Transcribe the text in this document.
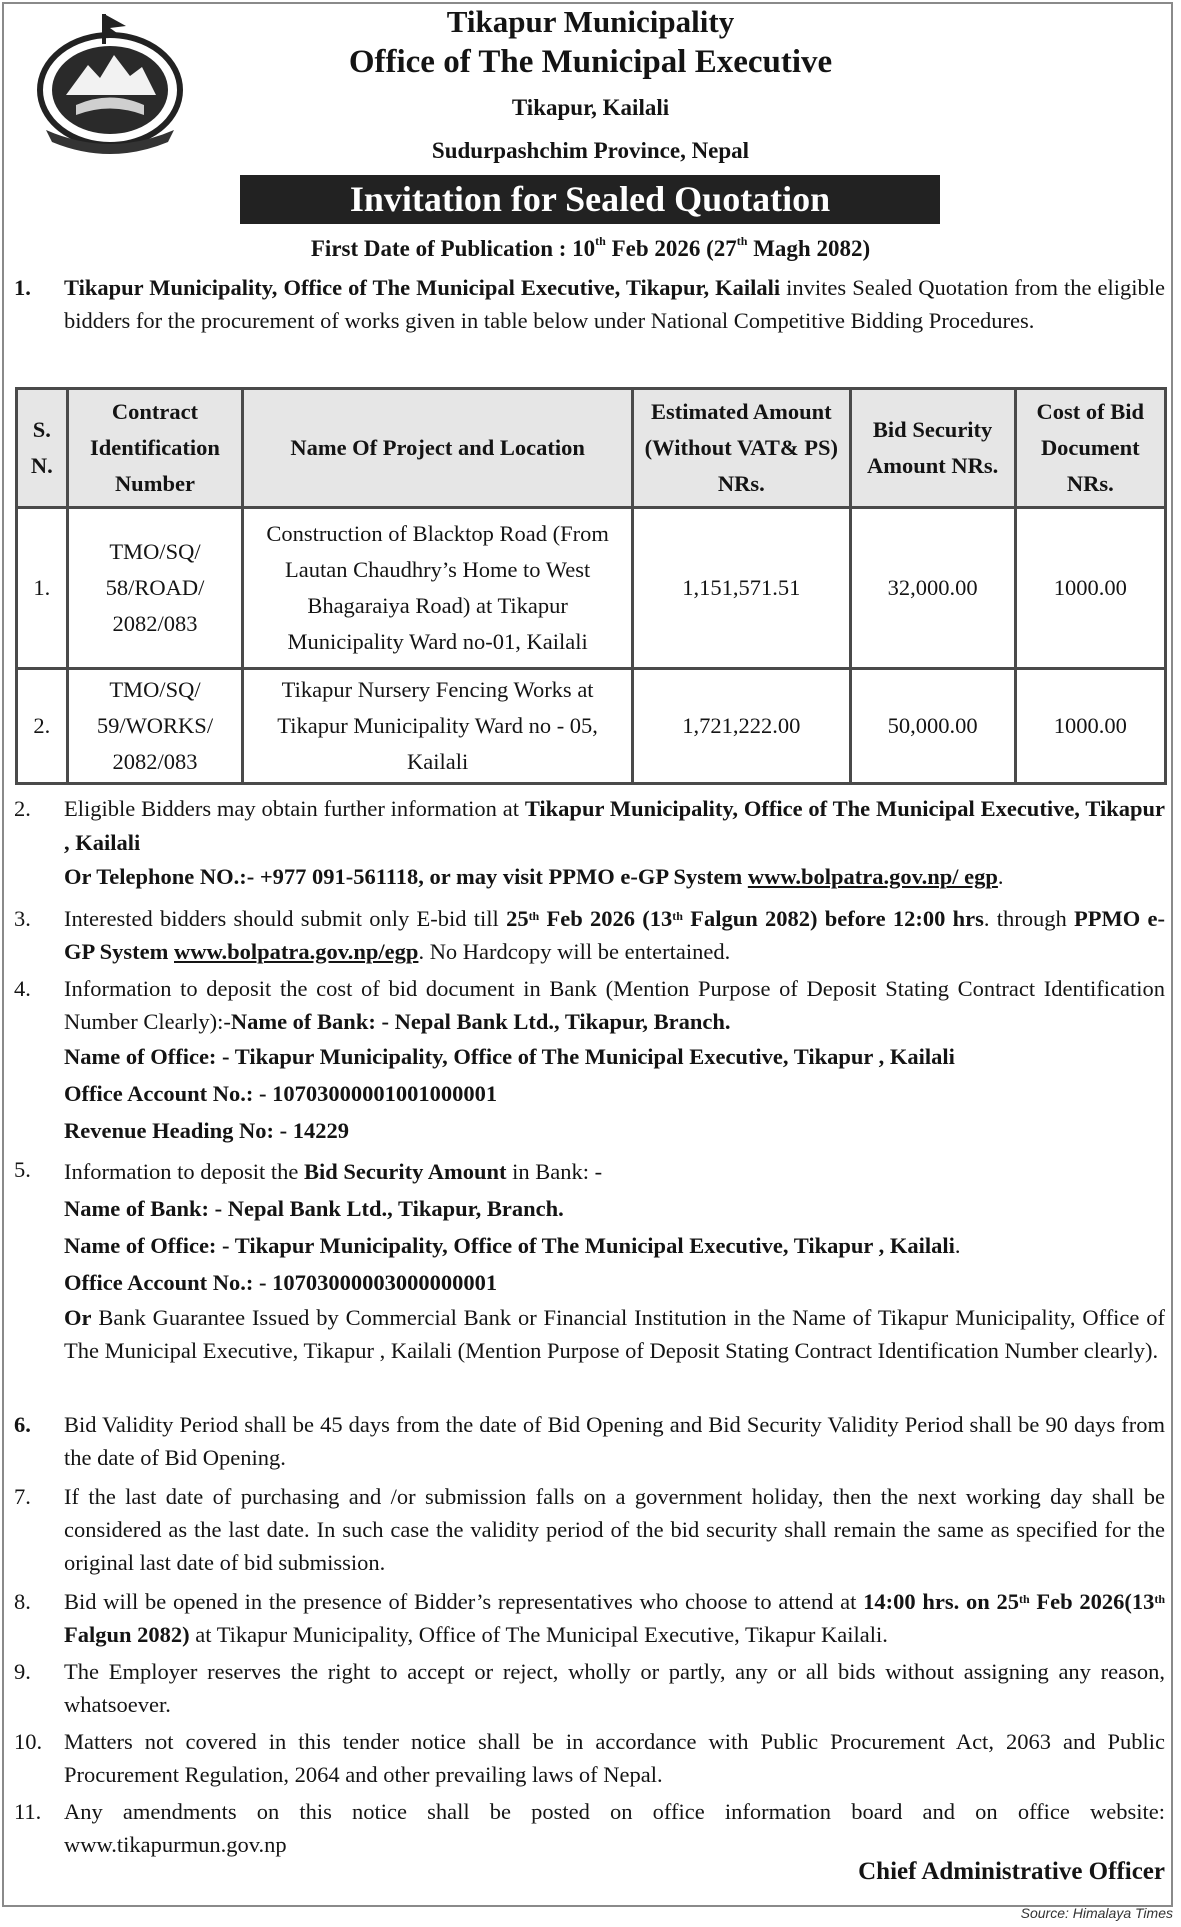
Tikapur Municipality
Office of The Municipal Executive
Tikapur, Kailali
Sudurpashchim Province, Nepal
Invitation for Sealed Quotation
First Date of Publication : 10th Feb 2026 (27th Magh 2082)
1.	Tikapur Municipality, Office of The Municipal Executive, Tikapur, Kailali invites Sealed Quotation from the eligible bidders for the procurement of works given in table below under National Competitive Bidding Procedures.
S. N.	Contract Identification Number	Name Of Project and Location	Estimated Amount (Without VAT& PS) NRs.	Bid Security Amount NRs.	Cost of Bid Document NRs.
1.	TMO/SQ/ 58/ROAD/ 2082/083	Construction of Blacktop Road (From Lautan Chaudhry’s Home to West Bhagaraiya Road) at Tikapur Municipality Ward no-01, Kailali	1,151,571.51	32,000.00	1000.00
2.	TMO/SQ/ 59/WORKS/ 2082/083	Tikapur Nursery Fencing Works at Tikapur Municipality Ward no - 05, Kailali	1,721,222.00	50,000.00	1000.00
2.	Eligible Bidders may obtain further information at Tikapur Municipality, Office of The Municipal Executive, Tikapur , Kailali
Or Telephone NO.:- +977 091-561118, or may visit PPMO e-GP System www.bolpatra.gov.np/ egp.
3.	Interested bidders should submit only E-bid till 25th Feb 2026 (13th Falgun 2082) before 12:00 hrs. through PPMO e-GP System www.bolpatra.gov.np/egp. No Hardcopy will be entertained.
4.	Information to deposit the cost of bid document in Bank (Mention Purpose of Deposit Stating Contract Identification Number Clearly):-Name of Bank: - Nepal Bank Ltd., Tikapur, Branch.
Name of Office: - Tikapur Municipality, Office of The Municipal Executive, Tikapur , Kailali
Office Account No.: - 10703000001001000001
Revenue Heading No: - 14229
5.	Information to deposit the Bid Security Amount in Bank: -
Name of Bank: - Nepal Bank Ltd., Tikapur, Branch.
Name of Office: - Tikapur Municipality, Office of The Municipal Executive, Tikapur , Kailali.
Office Account No.: - 10703000003000000001
Or Bank Guarantee Issued by Commercial Bank or Financial Institution in the Name of Tikapur Municipality, Office of The Municipal Executive, Tikapur , Kailali (Mention Purpose of Deposit Stating Contract Identification Number clearly).
6.	Bid Validity Period shall be 45 days from the date of Bid Opening and Bid Security Validity Period shall be 90 days from the date of Bid Opening.
7.	If the last date of purchasing and /or submission falls on a government holiday, then the next working day shall be considered as the last date. In such case the validity period of the bid security shall remain the same as specified for the original last date of bid submission.
8.	Bid will be opened in the presence of Bidder’s representatives who choose to attend at 14:00 hrs. on 25th Feb 2026(13th Falgun 2082) at Tikapur Municipality, Office of The Municipal Executive, Tikapur Kailali.
9.	The Employer reserves the right to accept or reject, wholly or partly, any or all bids without assigning any reason, whatsoever.
10. Matters not covered in this tender notice shall be in accordance with Public Procurement Act, 2063 and Public Procurement Regulation, 2064 and other prevailing laws of Nepal.
11.	Any amendments on this notice shall be posted on office information board and on office website: www.tikapurmun.gov.np
Chief Administrative Officer
Source: Himalaya Times
